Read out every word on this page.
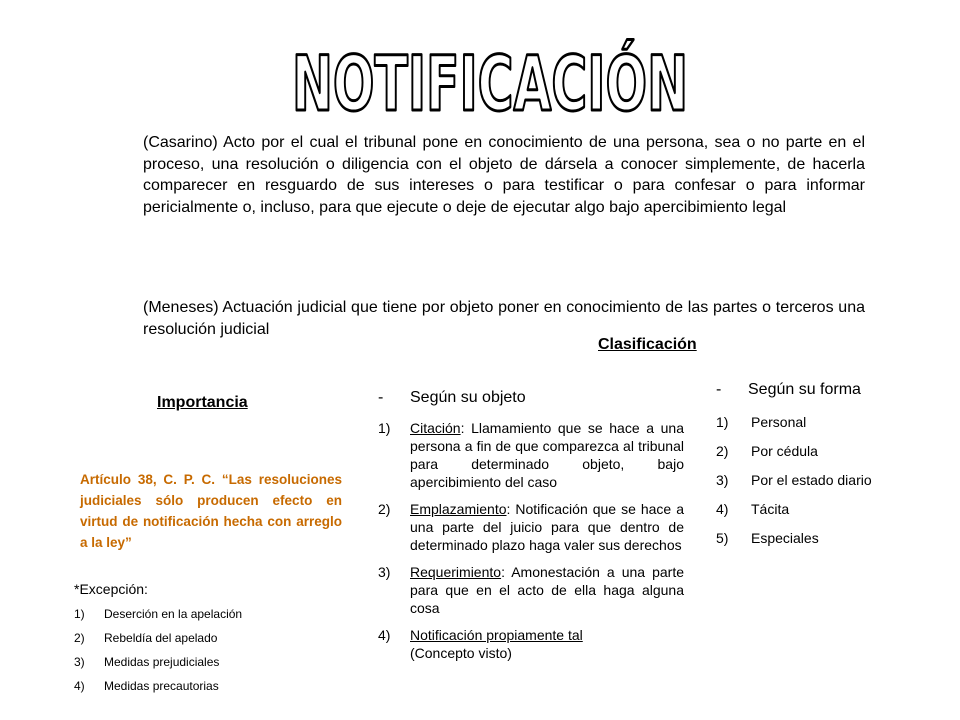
NOTIFICACIÓN

(Casarino) Acto por el cual el tribunal pone en conocimiento de una persona, sea o no parte en el proceso, una resolución o diligencia con el objeto de dársela a conocer simplemente, de hacerla comparecer en resguardo de sus intereses o para testificar o para confesar o para informar pericialmente o, incluso, para que ejecute o deje de ejecutar algo bajo apercibimiento legal

(Meneses) Actuación judicial que tiene por objeto poner en conocimiento de las partes o terceros una resolución judicial

Clasificación
Importancia	-	Según su objeto
1)	Citación: Llamamiento que se hace a una persona a fin de que comparezca al tribunal para determinado objeto, bajo apercibimiento del caso
2)	Emplazamiento: Notificación que se hace a una parte del juicio para que dentro de determinado plazo haga valer sus derechos
3)	Requerimiento: Amonestación a una parte para que en el acto de ella haga alguna cosa
4)	Notificación propiamente tal
(Concepto visto)
-	Según su forma
1)	Personal
2)	Por cédula
3)	Por el estado diario
4)	Tácita
5)	Especiales

Artículo 38, C. P. C. “Las resoluciones judiciales sólo producen efecto en virtud de notificación hecha con arreglo a la ley”

*Excepción:
1)	Deserción en la apelación
2)	Rebeldía del apelado
3)	Medidas prejudiciales
4)	Medidas precautorias
